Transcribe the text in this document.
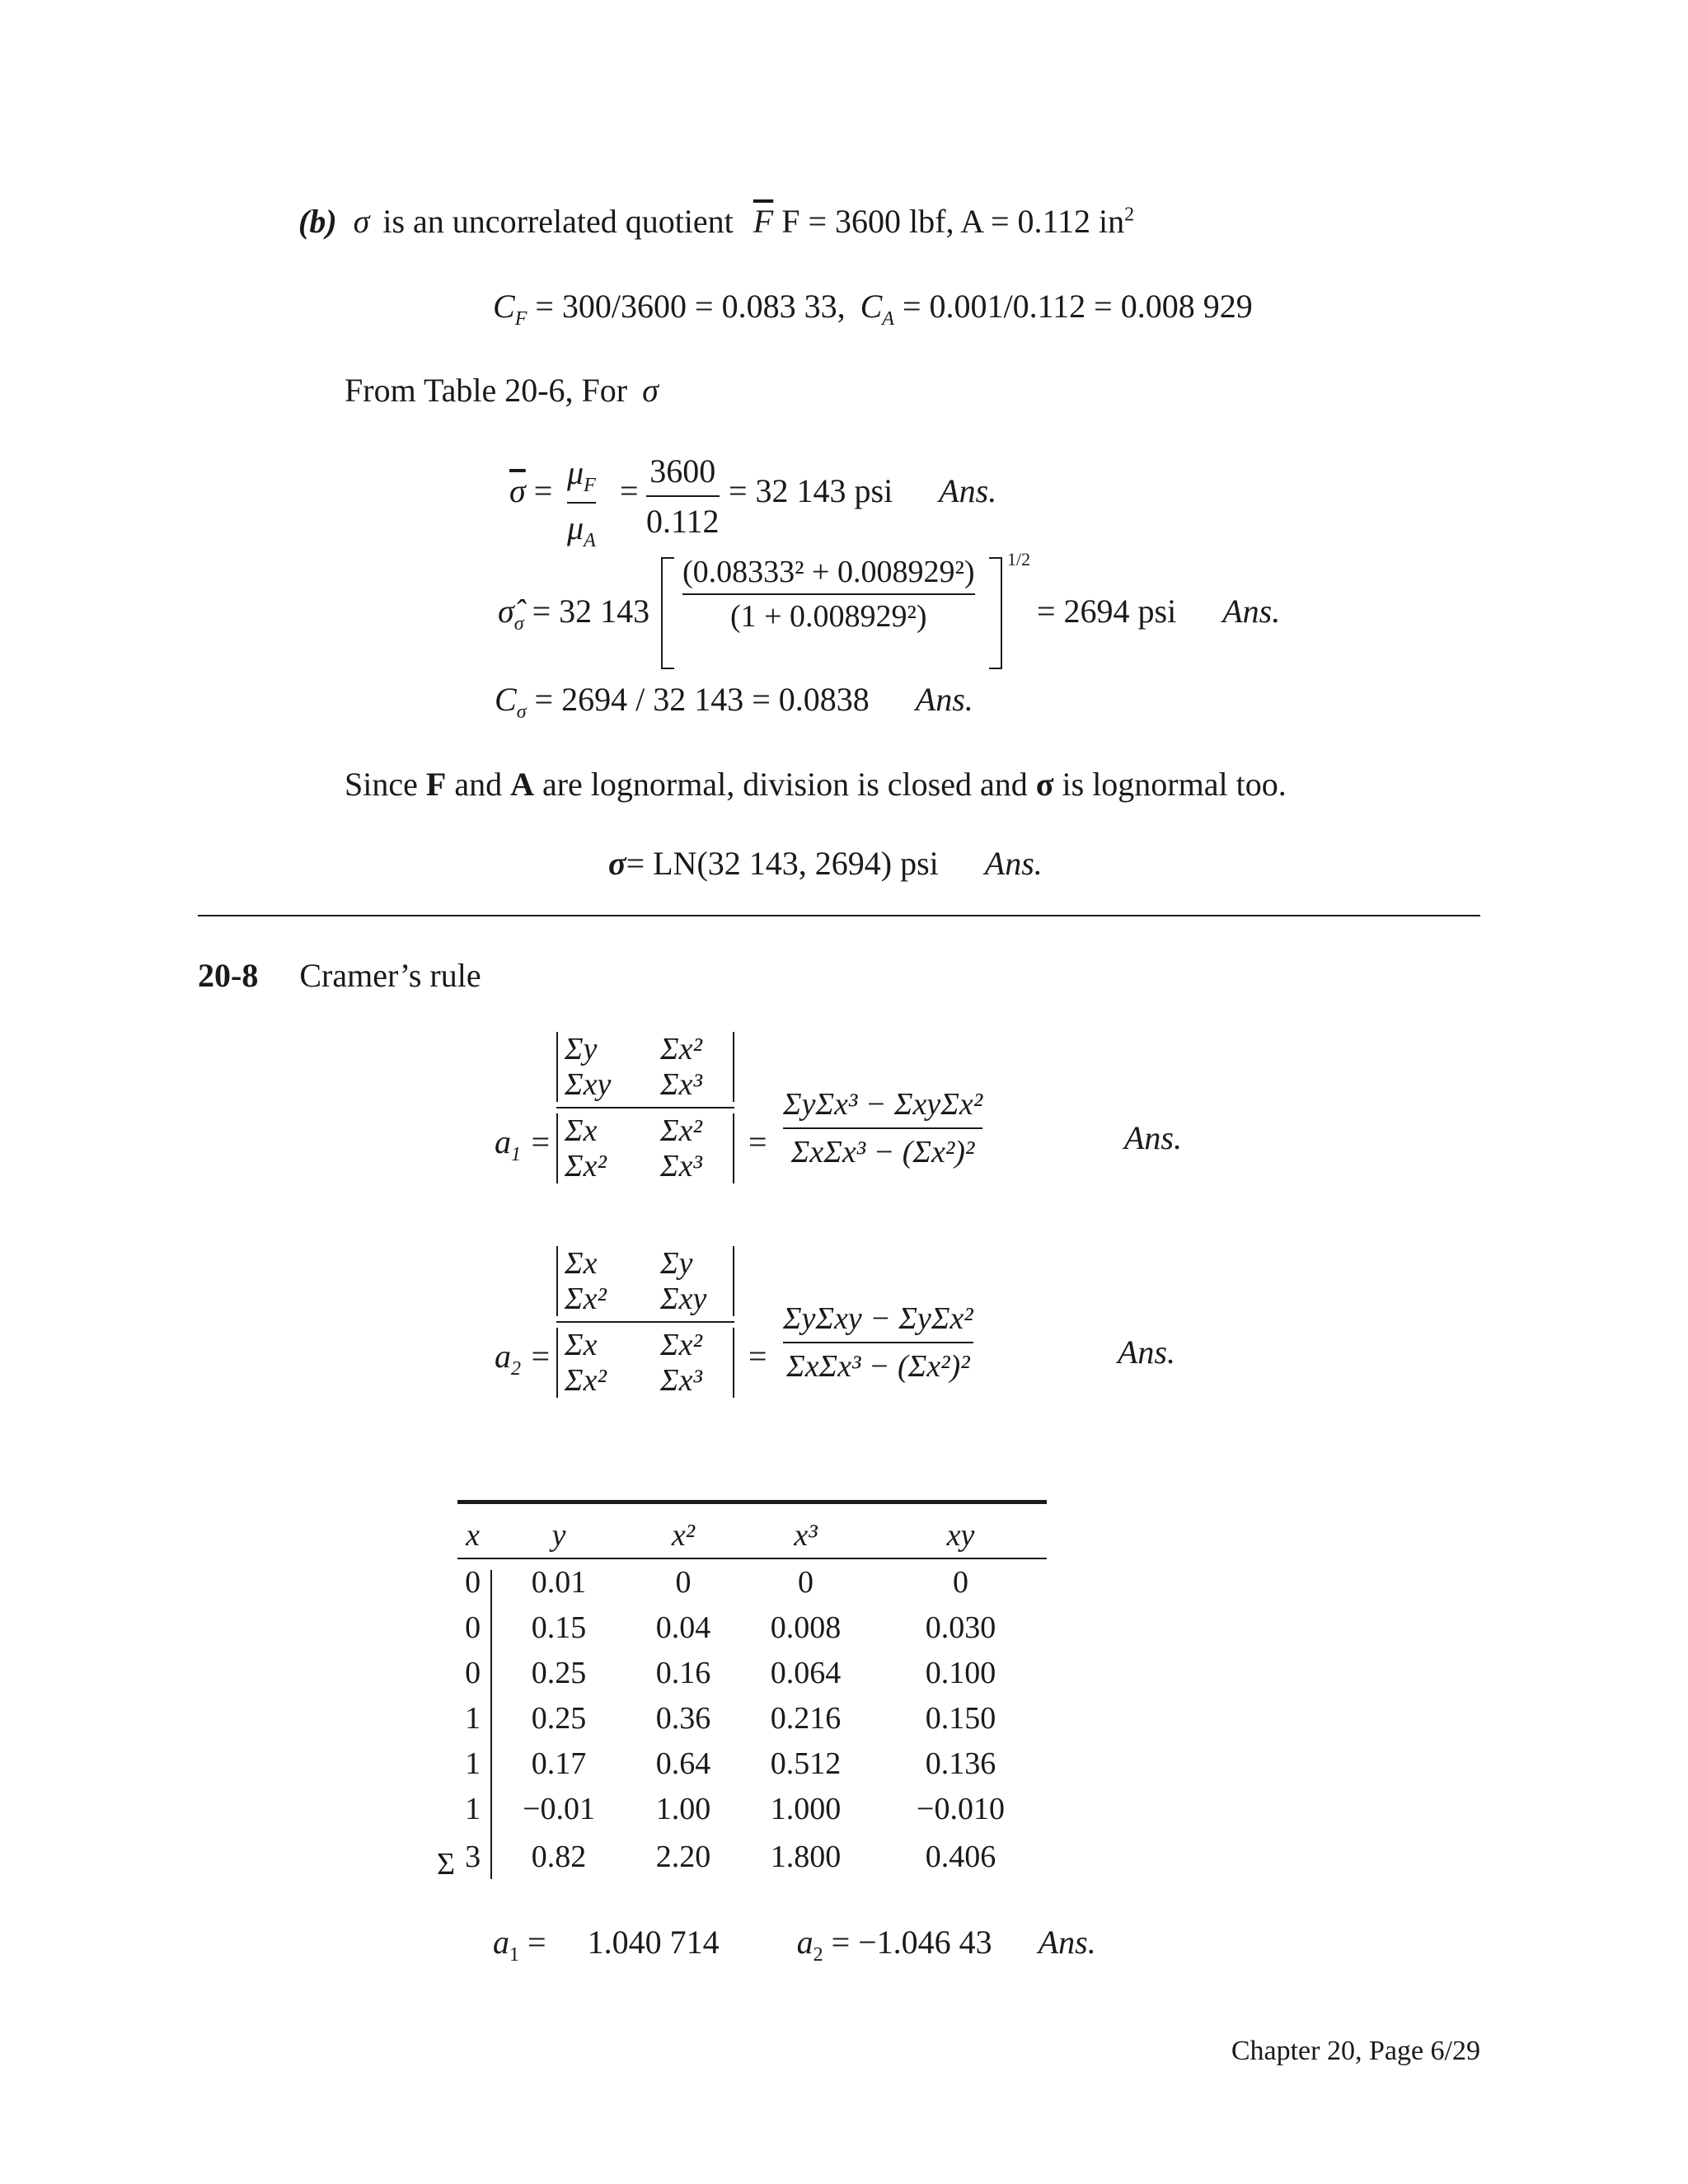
(b) σ is an uncorrelated quotient $\overline{F}$ F = 3600 lbf, A = 0.112 $in^2$
$C_F = 300/3600 = 0.083$ 33, $C_A = 0.001/0.112 = 0.008$ 929
From Table 20-6, For σ
$\overline{\sigma} = \mu_F$
$\mu_A$
=
3600
0.112
= 32 143 psi Ans.
$\sigmâ_\sigma = 32$ 143
(0.08333² + 0.008929²)
(1 + 0.008929²)
1/2
= 2694 psi Ans.
$C_\sigma = 2694 / 32$ 143 = 0.0838 Ans.
Since F and A are lognormal, division is closed and σ is lognormal too.
σ= LN(32 143, 2694) psi Ans.
20-8 Cramer’s rule
$a_1$ =
Σy	Σx²
Σxy	Σx³
Σx	Σx²
Σx²	Σx³
=
ΣyΣx³ − ΣxyΣx²
ΣxΣx³ − (Σx²)²	Ans.
$a_2$ =
Σx	Σy
Σx²	Σxy
Σx	Σx²
Σx²	Σx³
=
ΣyΣxy − ΣyΣx²
ΣxΣx³ − (Σx²)²	Ans.
x	y	x²	x³	xy
0	0.01	0	0	0
0	0.15	0.04	0.008	0.030
0	0.25	0.16	0.064	0.100
1	0.25	0.36	0.216	0.150
1	0.17	0.64	0.512	0.136
1	−0.01	1.00	1.000	−0.010
3	0.82	2.20	1.800	0.406
Σ
$a_1 = 1.040$ 714 $a_2 = -1.046$ 43 Ans.
Chapter 20, Page 6/29
